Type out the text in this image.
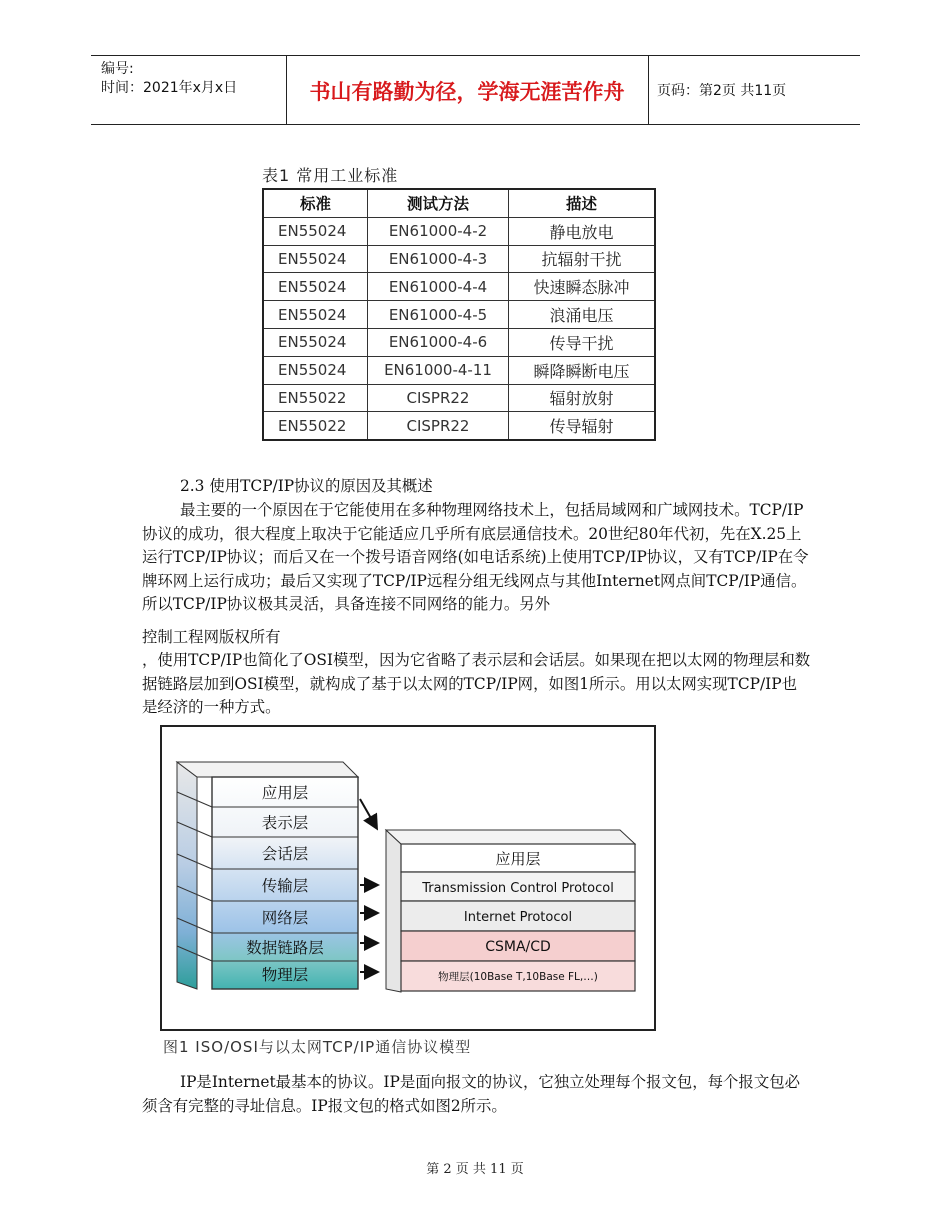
编号:
时间：2021年x月x日	书山有路勤为径，学海无涯苦作舟	页码：第2页 共11页
表1 常用工业标准
标准	测试方法	描述
EN55024	EN61000-4-2	静电放电
EN55024	EN61000-4-3	抗辐射干扰
EN55024	EN61000-4-4	快速瞬态脉冲
EN55024	EN61000-4-5	浪涌电压
EN55024	EN61000-4-6	传导干扰
EN55024	EN61000-4-11	瞬降瞬断电压
EN55022	CISPR22	辐射放射
EN55022	CISPR22	传导辐射
2.3 使用TCP/IP协议的原因及其概述
最主要的一个原因在于它能使用在多种物理网络技术上，包括局域网和广域网技术。TCP/IP协议的成功，很大程度上取决于它能适应几乎所有底层通信技术。20世纪80年代初，先在X.25上运行TCP/IP协议；而后又在一个拨号语音网络(如电话系统)上使用TCP/IP协议，又有TCP/IP在令牌环网上运行成功；最后又实现了TCP/IP远程分组无线网点与其他Internet网点间TCP/IP通信。所以TCP/IP协议极其灵活，具备连接不同网络的能力。另外
控制工程网版权所有
，使用TCP/IP也简化了OSI模型，因为它省略了表示层和会话层。如果现在把以太网的物理层和数据链路层加到OSI模型，就构成了基于以太网的TCP/IP网，如图1所示。用以太网实现TCP/IP也是经济的一种方式。
应用层
表示层
会话层
传输层
网络层
数据链路层
物理层
应用层
Transmission Control Protocol
Internet Protocol
CSMA/CD
物理层(10Base T,10Base FL,…)
图1 ISO/OSI与以太网TCP/IP通信协议模型
IP是Internet最基本的协议。IP是面向报文的协议，它独立处理每个报文包，每个报文包必须含有完整的寻址信息。IP报文包的格式如图2所示。
第 2 页 共 11 页
